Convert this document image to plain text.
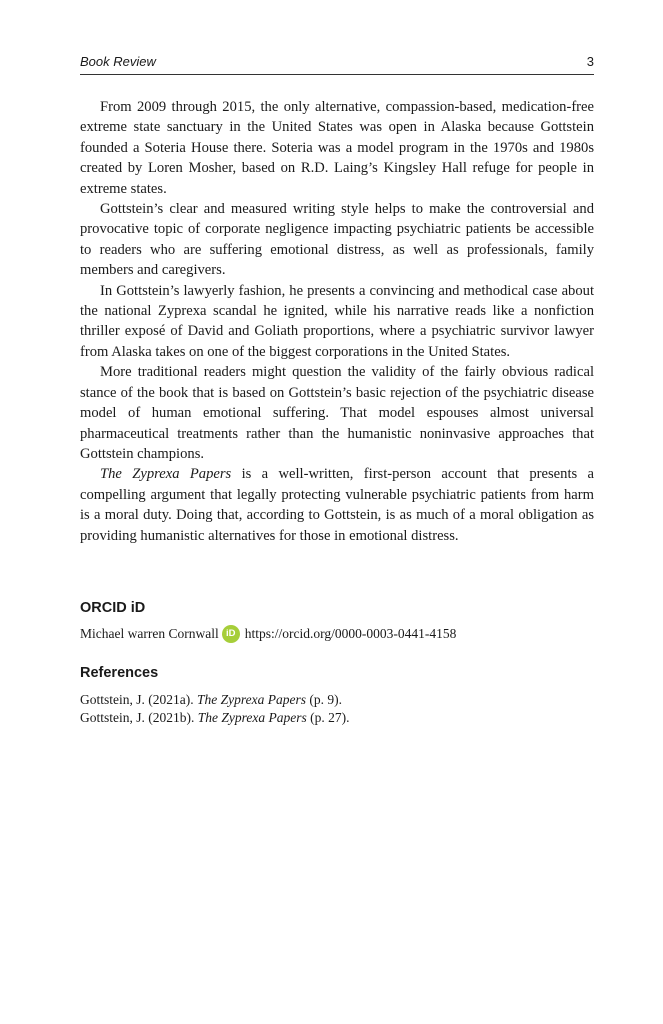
Book Review	3

From 2009 through 2015, the only alternative, compassion-based, medication-free extreme state sanctuary in the United States was open in Alaska because Gottstein founded a Soteria House there. Soteria was a model program in the 1970s and 1980s created by Loren Mosher, based on R.D. Laing’s Kingsley Hall refuge for people in extreme states.

Gottstein’s clear and measured writing style helps to make the controversial and provocative topic of corporate negligence impacting psychiatric patients be accessible to readers who are suffering emotional distress, as well as professionals, family members and caregivers.

In Gottstein’s lawyerly fashion, he presents a convincing and methodical case about the national Zyprexa scandal he ignited, while his narrative reads like a nonfiction thriller exposé of David and Goliath proportions, where a psychiatric survivor lawyer from Alaska takes on one of the biggest corporations in the United States.

More traditional readers might question the validity of the fairly obvious radical stance of the book that is based on Gottstein’s basic rejection of the psychiatric disease model of human emotional suffering. That model espouses almost universal pharmaceutical treatments rather than the humanistic noninvasive approaches that Gottstein champions.

The Zyprexa Papers is a well-written, first-person account that presents a compelling argument that legally protecting vulnerable psychiatric patients from harm is a moral duty. Doing that, according to Gottstein, is as much of a moral obligation as providing humanistic alternatives for those in emotional distress.

ORCID iD
Michael warren Cornwall iD https://orcid.org/0000-0003-0441-4158
References
Gottstein, J. (2021a). The Zyprexa Papers (p. 9).
Gottstein, J. (2021b). The Zyprexa Papers (p. 27).
